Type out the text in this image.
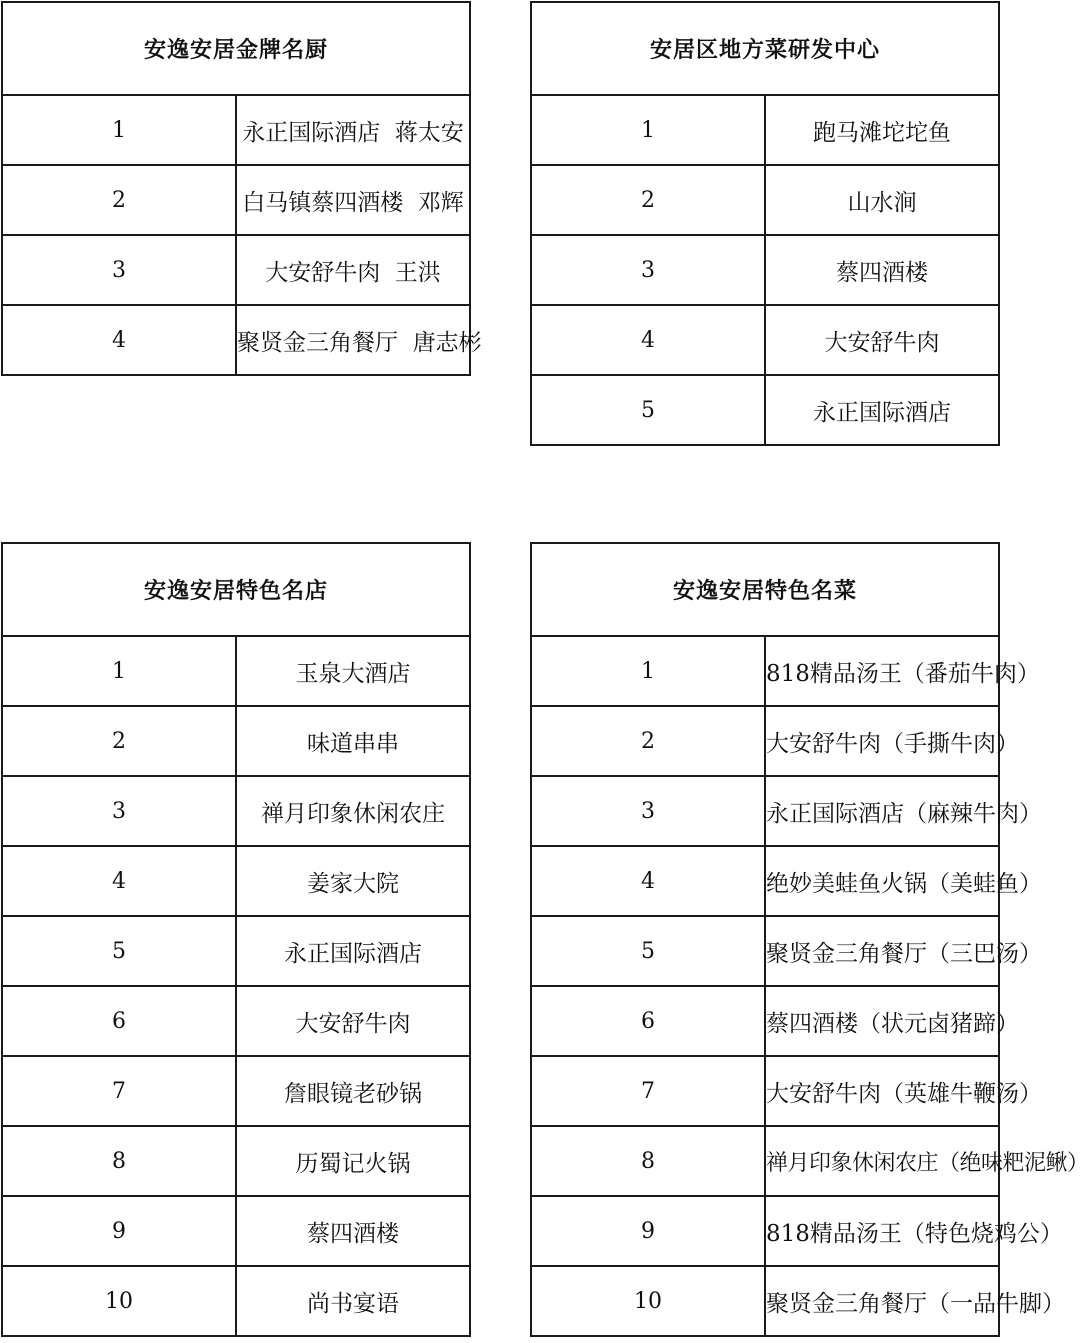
安逸安居金牌名厨	
1	永正国际酒店  蒋太安
2	白马镇蔡四酒楼  邓辉
3	大安舒牛肉  王洪
4	聚贤金三角餐厅  唐志彬
安居区地方菜研发中心	
1	跑马滩坨坨鱼
2	山水涧
3	蔡四酒楼
4	大安舒牛肉
5	永正国际酒店
安逸安居特色名店	
1	玉泉大酒店
2	味道串串
3	禅月印象休闲农庄
4	姜家大院
5	永正国际酒店
6	大安舒牛肉
7	詹眼镜老砂锅
8	历蜀记火锅
9	蔡四酒楼
10	尚书宴语
安逸安居特色名菜	
1	818精品汤王（番茄牛肉）
2	大安舒牛肉（手撕牛肉）
3	永正国际酒店（麻辣牛肉）
4	绝妙美蛙鱼火锅（美蛙鱼）
5	聚贤金三角餐厅（三巴汤）
6	蔡四酒楼（状元卤猪蹄）
7	大安舒牛肉（英雄牛鞭汤）
8	禅月印象休闲农庄（绝味粑泥鳅）
9	818精品汤王（特色烧鸡公）
10	聚贤金三角餐厅（一品牛脚）
